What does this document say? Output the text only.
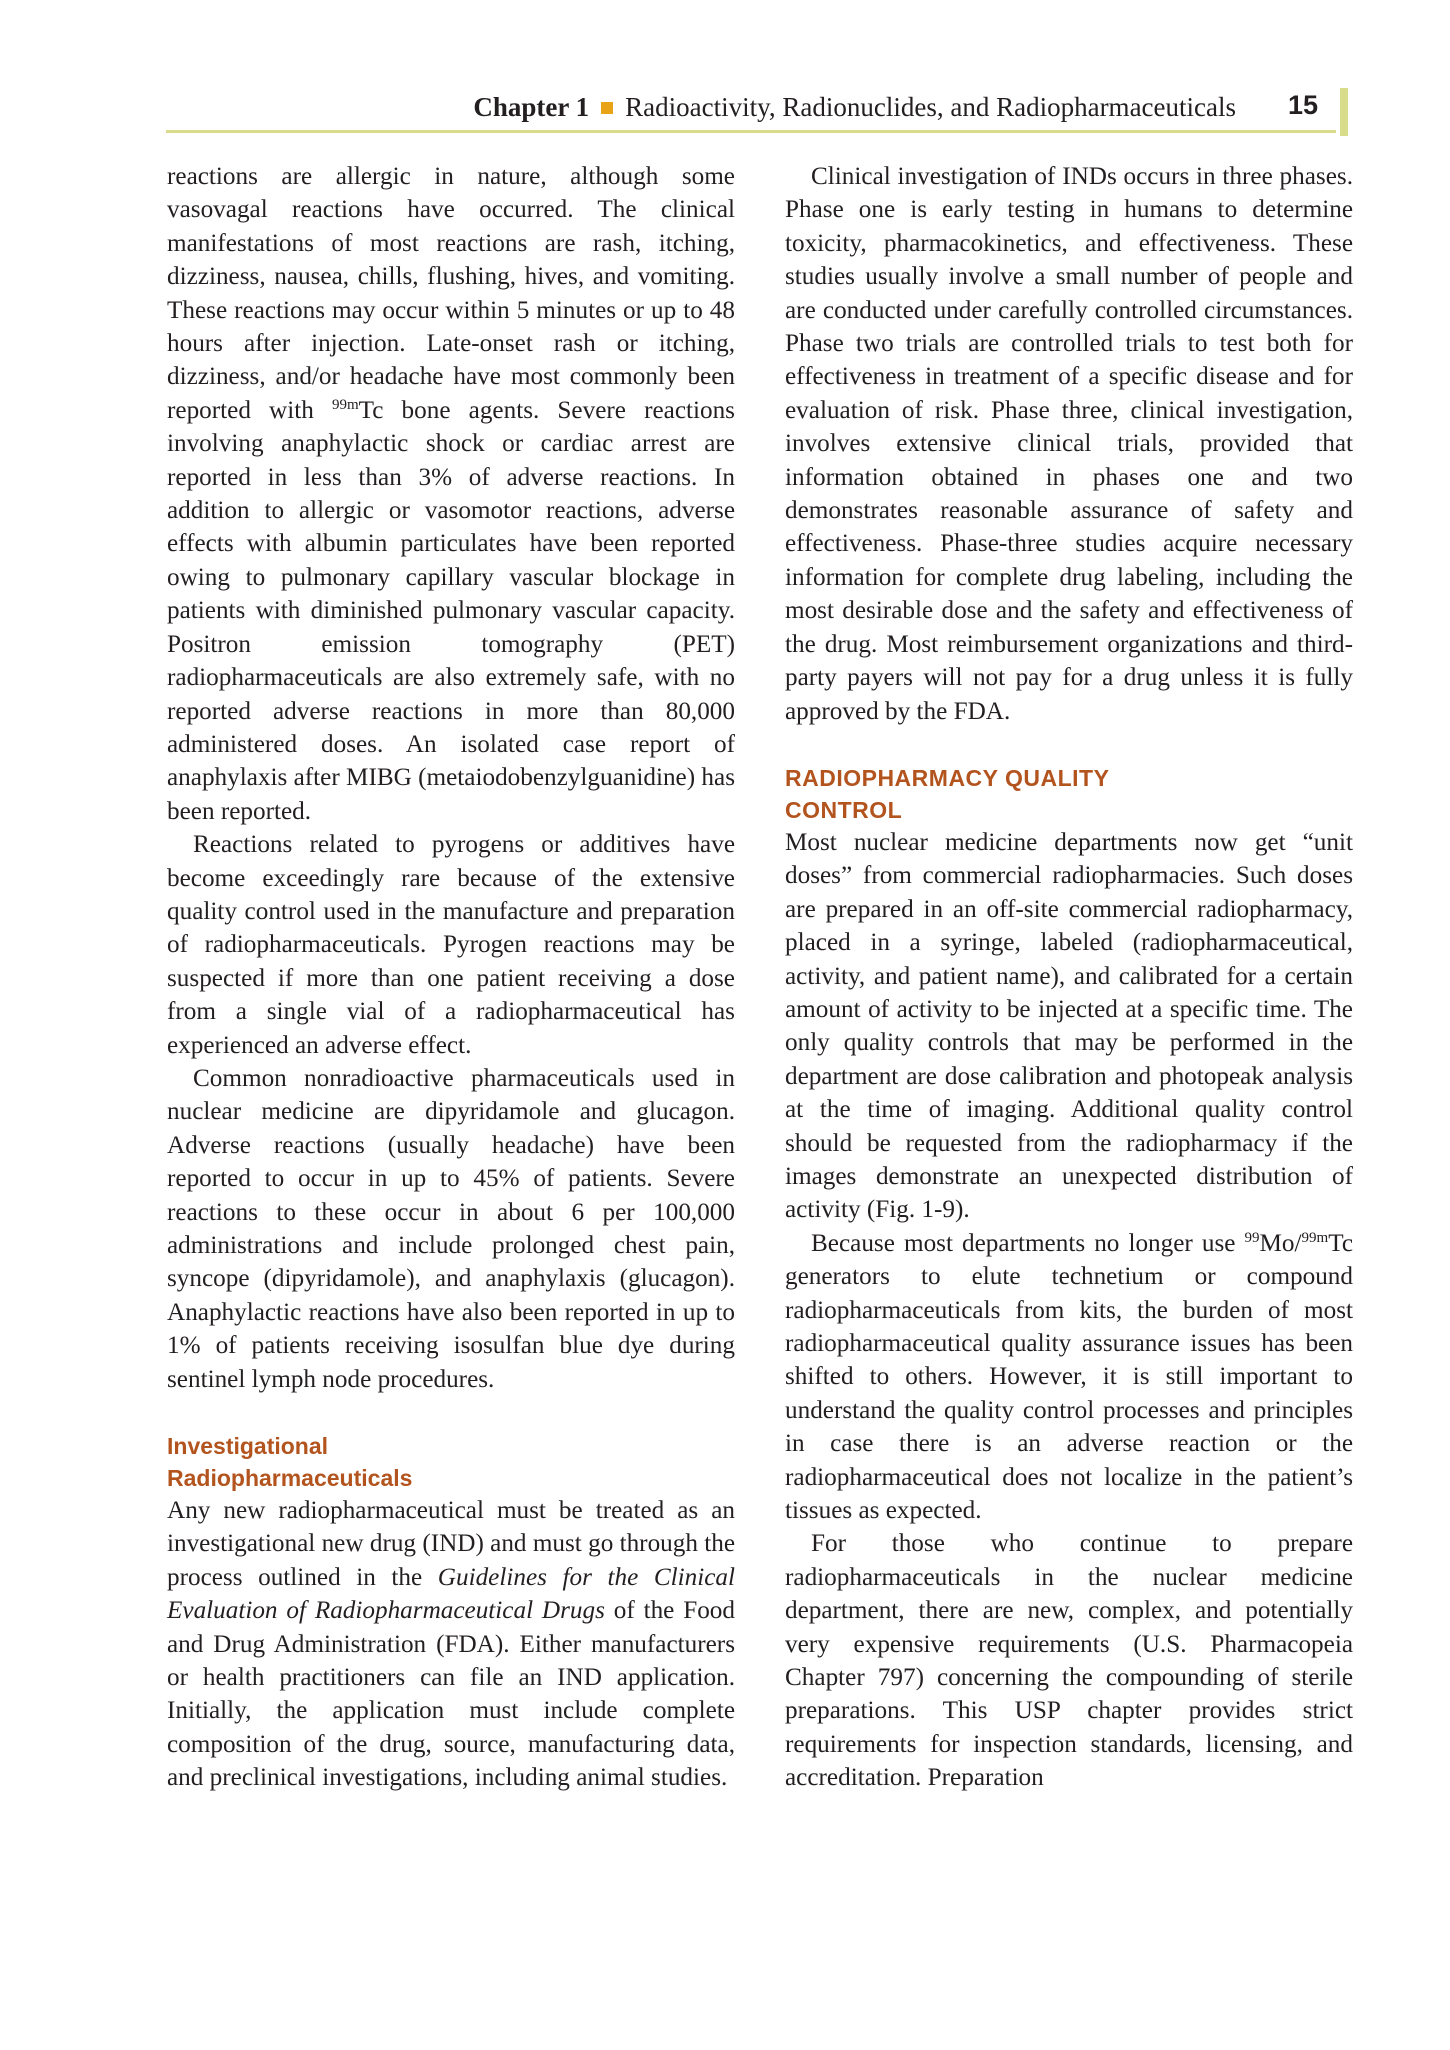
Chapter 1 Radioactivity, Radionuclides, and Radiopharmaceuticals 15

reactions are allergic in nature, although some vasovagal reactions have occurred. The clinical manifestations of most reactions are rash, itching, dizziness, nausea, chills, flushing, hives, and vomiting. These reactions may occur within 5 minutes or up to 48 hours after injection. Late-onset rash or itching, dizziness, and/or headache have most commonly been reported with $^{99m}$Tc bone agents. Severe reactions involving anaphylactic shock or cardiac arrest are reported in less than 3% of adverse reactions. In addition to allergic or vasomotor reactions, adverse effects with albumin particulates have been reported owing to pulmonary capillary vascular blockage in patients with diminished pulmonary vascular capacity. Positron emission tomography (PET) radiopharmaceuticals are also extremely safe, with no reported adverse reactions in more than 80,000 administered doses. An isolated case report of anaphylaxis after MIBG (metaiodobenzylguanidine) has been reported.

Reactions related to pyrogens or additives have become exceedingly rare because of the extensive quality control used in the manufacture and preparation of radiopharmaceuticals. Pyrogen reactions may be suspected if more than one patient receiving a dose from a single vial of a radiopharmaceutical has experienced an adverse effect.

Common nonradioactive pharmaceuticals used in nuclear medicine are dipyridamole and glucagon. Adverse reactions (usually headache) have been reported to occur in up to 45% of patients. Severe reactions to these occur in about 6 per 100,000 administrations and include prolonged chest pain, syncope (dipyridamole), and anaphylaxis (glucagon). Anaphylactic reactions have also been reported in up to 1% of patients receiving isosulfan blue dye during sentinel lymph node procedures.

Investigational
Radiopharmaceuticals

Any new radiopharmaceutical must be treated as an investigational new drug (IND) and must go through the process outlined in the Guidelines for the Clinical Evaluation of Radiopharmaceutical Drugs of the Food and Drug Administration (FDA). Either manufacturers or health practitioners can file an IND application. Initially, the application must include complete composition of the drug, source, manufacturing data, and preclinical investigations, including animal studies.

Clinical investigation of INDs occurs in three phases. Phase one is early testing in humans to determine toxicity, pharmacokinetics, and effectiveness. These studies usually involve a small number of people and are conducted under carefully controlled circumstances. Phase two trials are controlled trials to test both for effectiveness in treatment of a specific disease and for evaluation of risk. Phase three, clinical investigation, involves extensive clinical trials, provided that information obtained in phases one and two demonstrates reasonable assurance of safety and effectiveness. Phase-three studies acquire necessary information for complete drug labeling, including the most desirable dose and the safety and effectiveness of the drug. Most reimbursement organizations and third-party payers will not pay for a drug unless it is fully approved by the FDA.

RADIOPHARMACY QUALITY
CONTROL

Most nuclear medicine departments now get “unit doses” from commercial radiopharmacies. Such doses are prepared in an off-site commercial radiopharmacy, placed in a syringe, labeled (radiopharmaceutical, activity, and patient name), and calibrated for a certain amount of activity to be injected at a specific time. The only quality controls that may be performed in the department are dose calibration and photopeak analysis at the time of imaging. Additional quality control should be requested from the radiopharmacy if the images demonstrate an unexpected distribution of activity (Fig. 1-9).

Because most departments no longer use $^{99}$Mo/$^{99m}$Tc generators to elute technetium or compound radiopharmaceuticals from kits, the burden of most radiopharmaceutical quality assurance issues has been shifted to others. However, it is still important to understand the quality control processes and principles in case there is an adverse reaction or the radiopharmaceutical does not localize in the patient’s tissues as expected.

For those who continue to prepare radiopharmaceuticals in the nuclear medicine department, there are new, complex, and potentially very expensive requirements (U.S. Pharmacopeia Chapter 797) concerning the compounding of sterile preparations. This USP chapter provides strict requirements for inspection standards, licensing, and accreditation. Preparation
